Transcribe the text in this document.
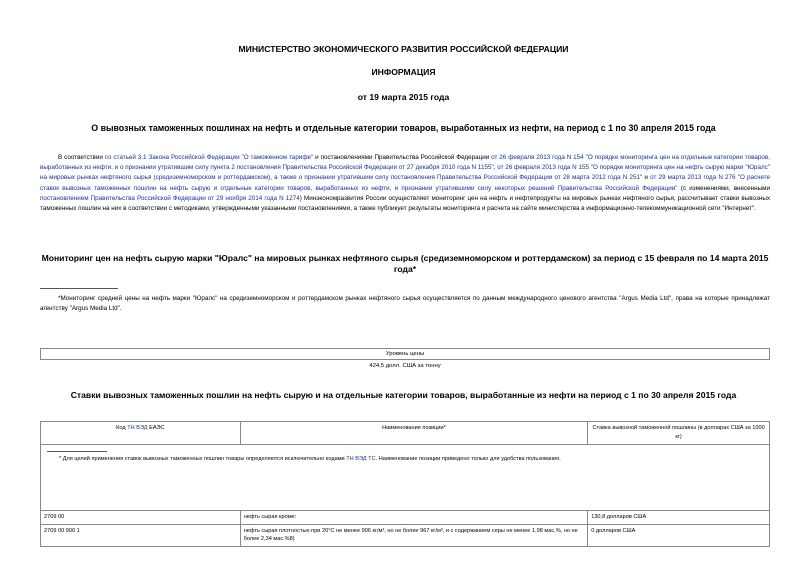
МИНИСТЕРСТВО ЭКОНОМИЧЕСКОГО РАЗВИТИЯ РОССИЙСКОЙ ФЕДЕРАЦИИ
ИНФОРМАЦИЯ
от 19 марта 2015 года
О вывозных таможенных пошлинах на нефть и отдельные категории товаров, выработанных из нефти, на период с 1 по 30 апреля 2015 года
В соответствии со статьей 3.1 Закона Российской Федерации "О таможенном тарифе" и постановлениями Правительства Российской Федерации от 26 февраля 2013 года N 154 "О порядке мониторинга цен на отдельные категории товаров, выработанных из нефти, и о признании утратившим силу пункта 2 постановления Правительства Российской Федерации от 27 декабря 2010 года N 1155", от 26 февраля 2013 года N 155 "О порядке мониторинга цен на нефть сырую марки "Юралс" на мировых рынках нефтяного сырья (средиземноморском и роттердамском), а также о признании утратившим силу постановления Правительства Российской Федерации от 28 марта 2012 года N 251" и от 29 марта 2013 года N 276 "О расчете ставок вывозных таможенных пошлин на нефть сырую и отдельные категории товаров, выработанных из нефти, и признании утратившими силу некоторых решений Правительства Российской Федерации" (с изменениями, внесенными постановлением Правительства Российской Федерации от 29 ноября 2014 года N 1274) Минэкономразвития России осуществляет мониторинг цен на нефть и нефтепродукты на мировых рынках нефтяного сырья, рассчитывает ставки вывозных таможенных пошлин на них в соответствии с методиками, утвержденными указанными постановлениями, а также публикует результаты мониторинга и расчета на сайте министерства в информационно-телекоммуникационной сети "Интернет".
Мониторинг цен на нефть сырую марки "Юралс" на мировых рынках нефтяного сырья (средиземноморском и роттердамском) за период с 15 февраля по 14 марта 2015 года*
*Мониторинг средней цены на нефть марки "Юралс" на средиземноморском и роттердамском рынках нефтяного сырья осуществляется по данным международного ценового агентства "Argus Media Ltd", права на которые принадлежат агентству "Argus Media Ltd".
Уровень цены
424,5 долл. США за тонну
Ставки вывозных таможенных пошлин на нефть сырую и на отдельные категории товаров, выработанные из нефти на период с 1 по 30 апреля 2015 года
Код ТН ВЭД ЕАЭС	Наименование позиции*	Ставка вывозной таможенной пошлины (в долларах США за 1000 кг)

* Для целей применения ставок вывозных таможенных пошлин товары определяются исключительно кодами ТН ВЭД ТС. Наименование позиции приведено только для удобства пользования.		

2709 00	нефть сырая кроме:	130,8 долларов США
2709 00 900 1	нефть сырая плотностью при 20°С не менее 906 кг/м³, но не более 967 кг/м³, и с содержанием серы не менее 1,98 мас.%, но не более 2,34 мас.%8)	0 долларов США
